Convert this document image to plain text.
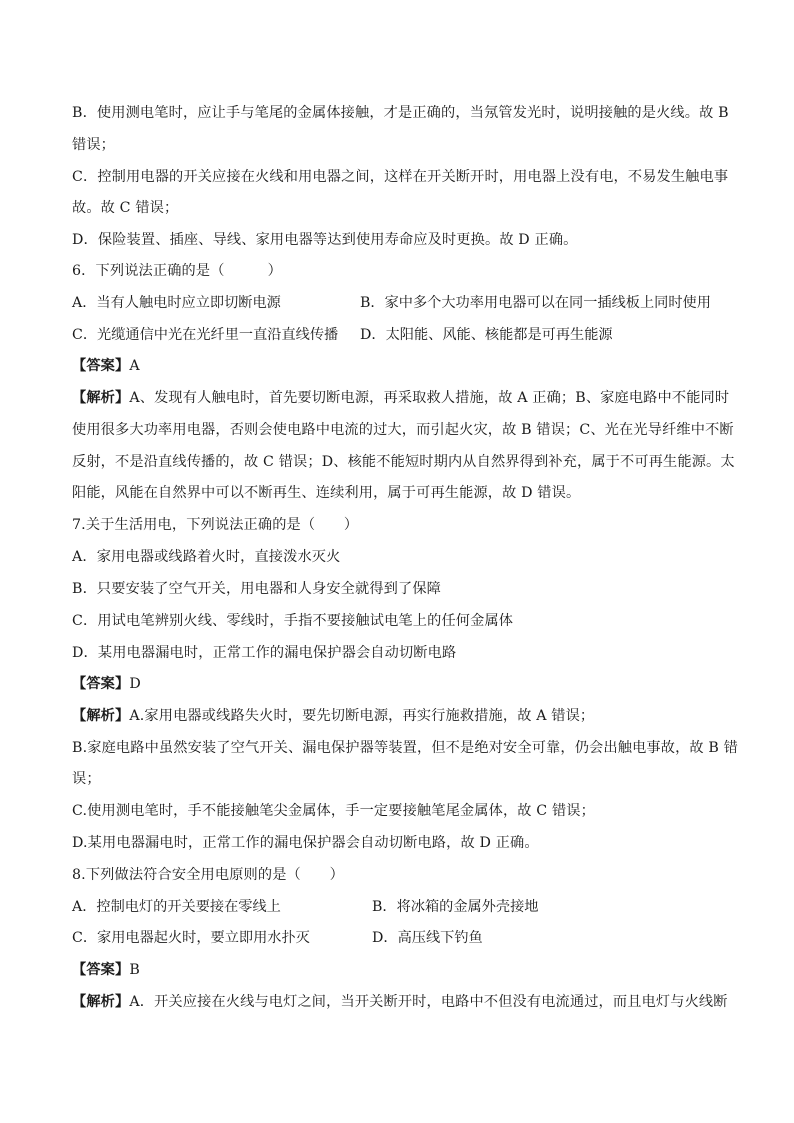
B．使用测电笔时，应让手与笔尾的金属体接触，才是正确的，当氖管发光时，说明接触的是火线。故 B
错误；
C．控制用电器的开关应接在火线和用电器之间，这样在开关断开时，用电器上没有电，不易发生触电事
故。故 C 错误；
D．保险装置、插座、导线、家用电器等达到使用寿命应及时更换。故 D 正确。
6．下列说法正确的是（　　　）
A．当有人触电时应立即切断电源	B．家中多个大功率用电器可以在同一插线板上同时使用
C．光缆通信中光在光纤里一直沿直线传播 D．太阳能、风能、核能都是可再生能源
【答案】A
【解析】A、发现有人触电时，首先要切断电源，再采取救人措施，故 A 正确；B、家庭电路中不能同时
使用很多大功率用电器，否则会使电路中电流的过大，而引起火灾，故 B 错误；C、光在光导纤维中不断
反射，不是沿直线传播的，故 C 错误；D、核能不能短时期内从自然界得到补充，属于不可再生能源。太
阳能，风能在自然界中可以不断再生、连续利用，属于可再生能源，故 D 错误。
7.关于生活用电，下列说法正确的是（　　）
A．家用电器或线路着火时，直接泼水灭火
B．只要安装了空气开关，用电器和人身安全就得到了保障
C．用试电笔辨别火线、零线时，手指不要接触试电笔上的任何金属体
D．某用电器漏电时，正常工作的漏电保护器会自动切断电路
【答案】D
【解析】A.家用电器或线路失火时，要先切断电源，再实行施救措施，故 A 错误；
B.家庭电路中虽然安装了空气开关、漏电保护器等装置，但不是绝对安全可靠，仍会出触电事故，故 B 错
误；
C.使用测电笔时，手不能接触笔尖金属体，手一定要接触笔尾金属体，故 C 错误；
D.某用电器漏电时，正常工作的漏电保护器会自动切断电路，故 D 正确。
8.下列做法符合安全用电原则的是（　　）
A．控制电灯的开关要接在零线上	B．将冰箱的金属外壳接地
C．家用电器起火时，要立即用水扑灭	D．高压线下钓鱼
【答案】B
【解析】A．开关应接在火线与电灯之间，当开关断开时，电路中不但没有电流通过，而且电灯与火线断
